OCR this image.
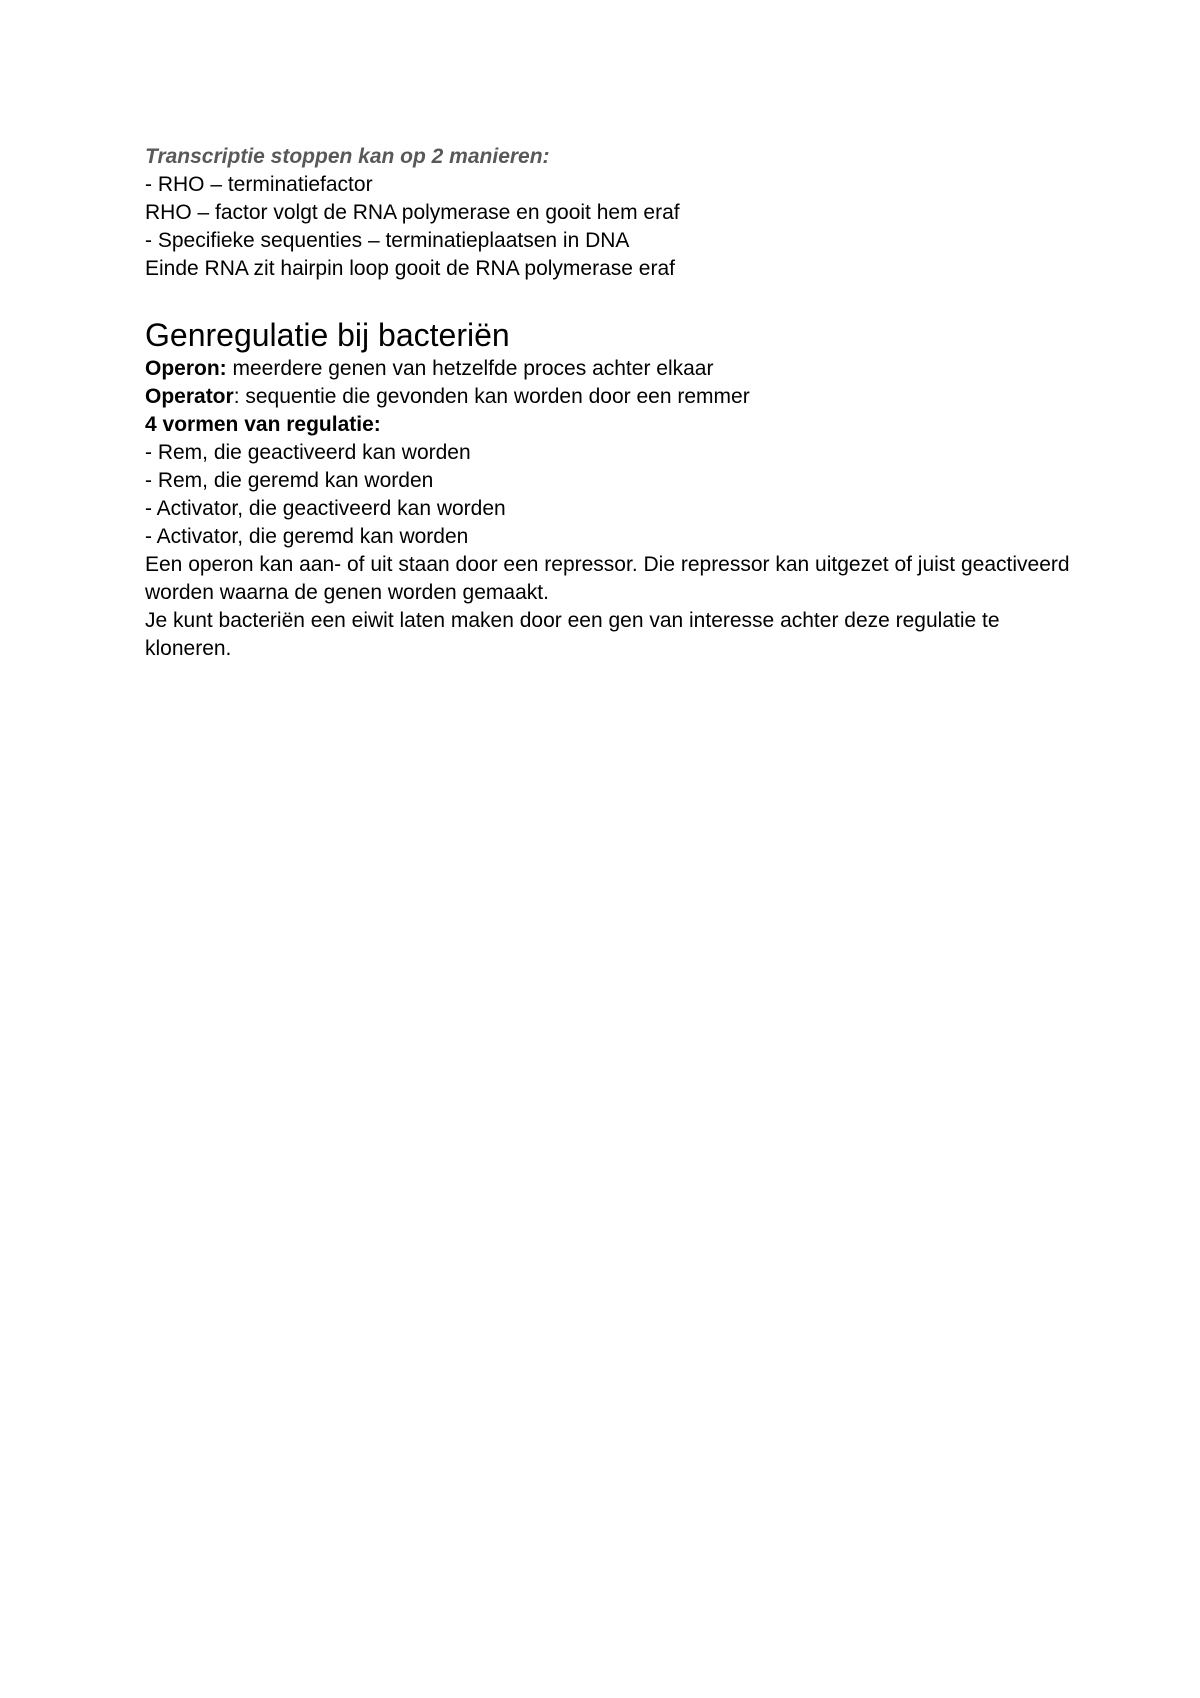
Transcriptie stoppen kan op 2 manieren:

- RHO – terminatiefactor

RHO – factor volgt de RNA polymerase en gooit hem eraf

- Specifieke sequenties – terminatieplaatsen in DNA

Einde RNA zit hairpin loop gooit de RNA polymerase eraf

Genregulatie bij bacteriën

Operon: meerdere genen van hetzelfde proces achter elkaar

Operator: sequentie die gevonden kan worden door een remmer

4 vormen van regulatie:

- Rem, die geactiveerd kan worden

- Rem, die geremd kan worden

- Activator, die geactiveerd kan worden

- Activator, die geremd kan worden

Een operon kan aan- of uit staan door een repressor. Die repressor kan uitgezet of juist geactiveerd worden waarna de genen worden gemaakt.

Je kunt bacteriën een eiwit laten maken door een gen van interesse achter deze regulatie te kloneren.
